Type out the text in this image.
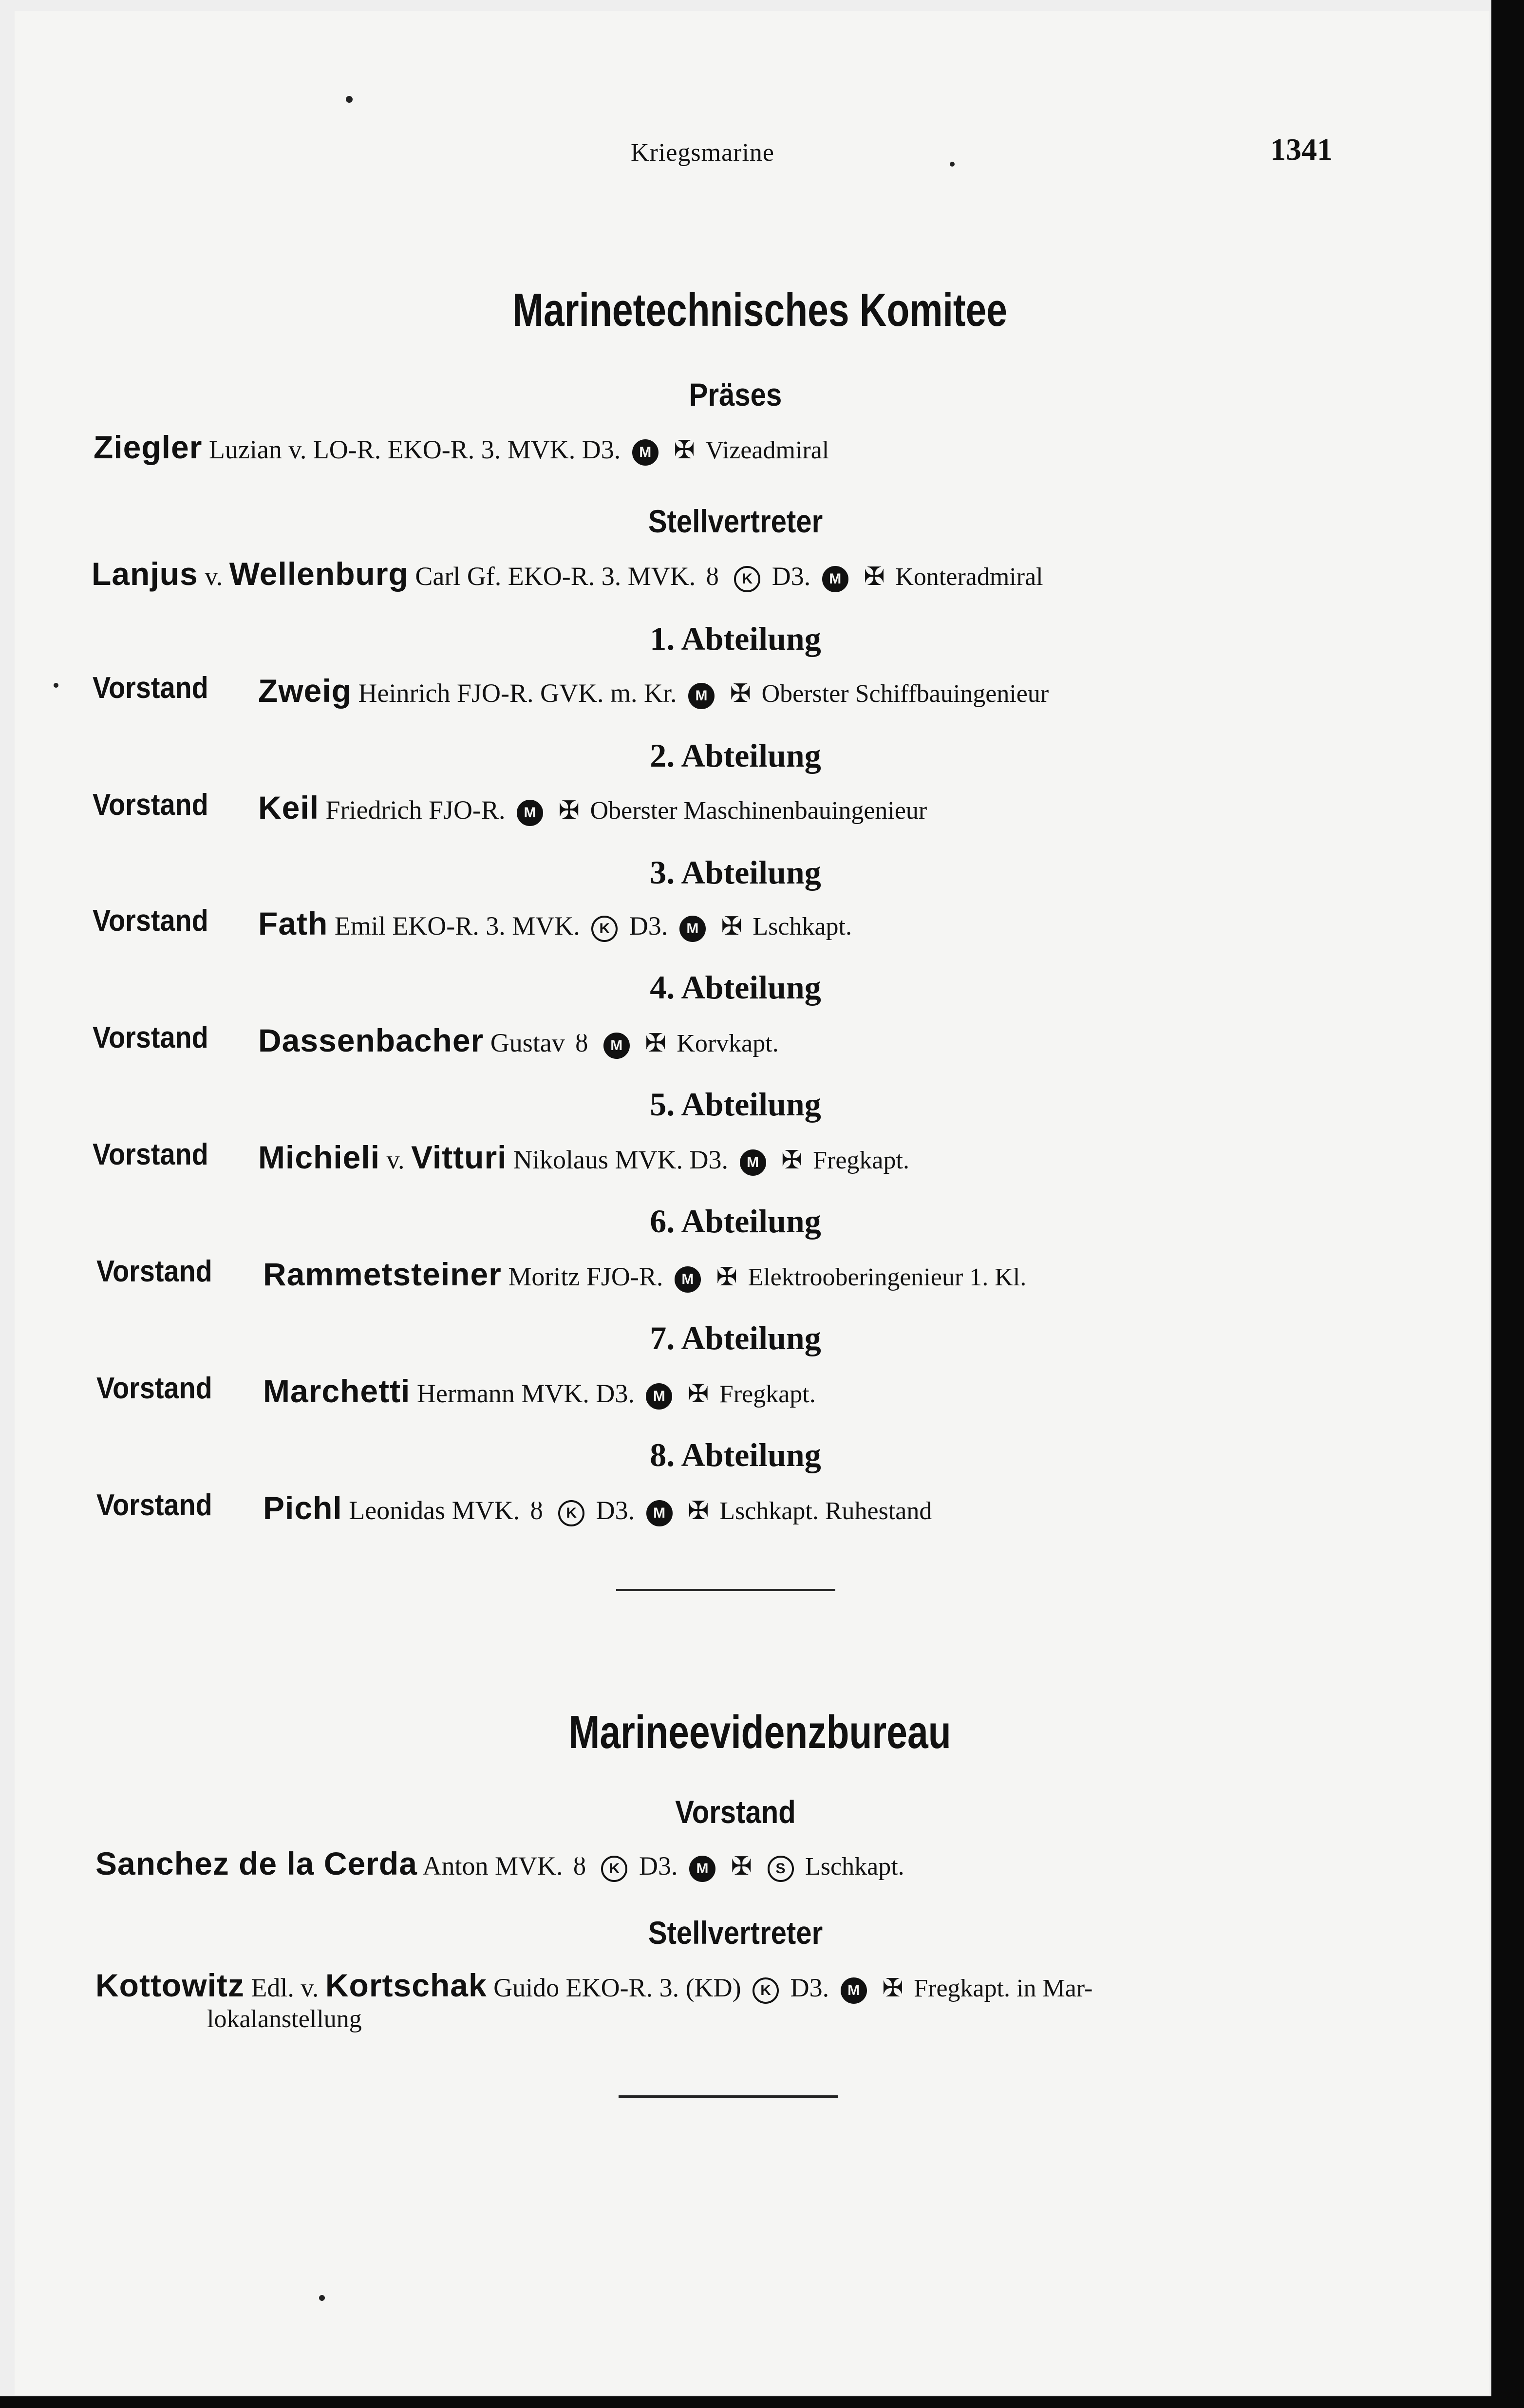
Kriegsmarine	1341
Marinetechnisches Komitee
Präses
Ziegler Luzian v. LO-R. EKO-R. 3. MVK. D3. M ✠ Vizeadmiral
Stellvertreter
Lanjus v. Wellenburg Carl Gf. EKO-R. 3. MVK. ȣ K D3. M ✠ Konteradmiral
1. Abteilung
Vorstand Zweig Heinrich FJO-R. GVK. m. Kr. M ✠ Oberster Schiffbauingenieur
2. Abteilung
Vorstand Keil Friedrich FJO-R. M ✠ Oberster Maschinenbauingenieur
3. Abteilung
Vorstand Fath Emil EKO-R. 3. MVK. K D3. M ✠ Lschkapt.
4. Abteilung
Vorstand Dassenbacher Gustav ȣ M ✠ Korvkapt.
5. Abteilung
Vorstand Michieli v. Vitturi Nikolaus MVK. D3. M ✠ Fregkapt.
6. Abteilung
Vorstand Rammetsteiner Moritz FJO-R. M ✠ Elektrooberingenieur 1. Kl.
7. Abteilung
Vorstand Marchetti Hermann MVK. D3. M ✠ Fregkapt.
8. Abteilung
Vorstand Pichl Leonidas MVK. ȣ K D3. M ✠ Lschkapt. Ruhestand
Marineevidenzbureau
Vorstand
Sanchez de la Cerda Anton MVK. ȣ K D3. M ✠ S Lschkapt.
Stellvertreter
Kottowitz Edl. v. Kortschak Guido EKO-R. 3. (KD) K D3. M ✠ Fregkapt. in Mar-
lokalanstellung
